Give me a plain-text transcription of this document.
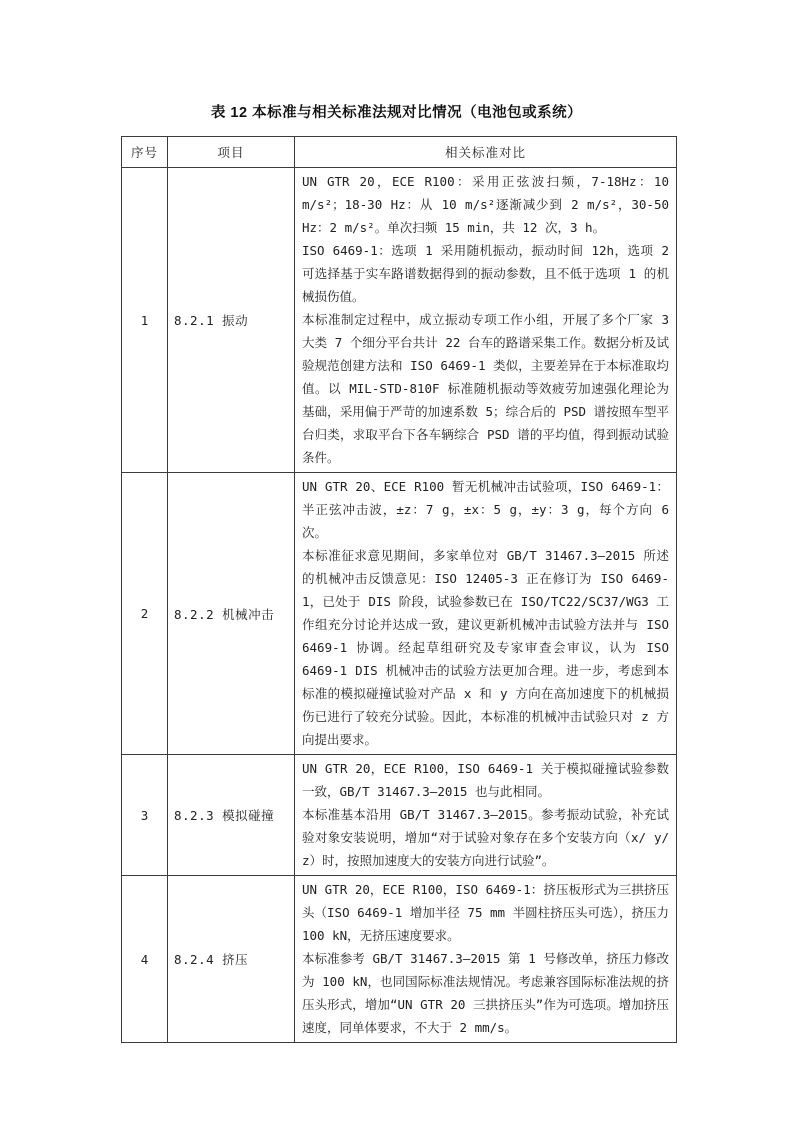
表 12 本标准与相关标准法规对比情况（电池包或系统）
序号	项目	相关标准对比
1	8.2.1 振动	UN GTR 20，ECE R100：采用正弦波扫频，7-18Hz：10 m/s²；18-30 Hz：从 10 m/s²逐渐减少到 2 m/s²，30-50 Hz：2 m/s²。单次扫频 15 min，共 12 次，3 h。

ISO 6469-1：选项 1 采用随机振动，振动时间 12h，选项 2 可选择基于实车路谱数据得到的振动参数，且不低于选项 1 的机械损伤值。

本标准制定过程中，成立振动专项工作小组，开展了多个厂家 3 大类 7 个细分平台共计 22 台车的路谱采集工作。数据分析及试验规范创建方法和 ISO 6469-1 类似，主要差异在于本标准取均值。以 MIL-STD-810F 标准随机振动等效疲劳加速强化理论为基础，采用偏于严苛的加速系数 5；综合后的 PSD 谱按照车型平台归类，求取平台下各车辆综合 PSD 谱的平均值，得到振动试验条件。

2	8.2.2 机械冲击	UN GTR 20、ECE R100 暂无机械冲击试验项，ISO 6469-1：半正弦冲击波，±z：7 g，±x：5 g，±y：3 g，每个方向 6 次。

本标准征求意见期间，多家单位对 GB/T 31467.3—2015 所述的机械冲击反馈意见：ISO 12405-3 正在修订为 ISO 6469-1，已处于 DIS 阶段，试验参数已在 ISO/TC22/SC37/WG3 工作组充分讨论并达成一致，建议更新机械冲击试验方法并与 ISO 6469-1 协调。经起草组研究及专家审查会审议，认为 ISO 6469-1 DIS 机械冲击的试验方法更加合理。进一步，考虑到本标准的模拟碰撞试验对产品 x 和 y 方向在高加速度下的机械损伤已进行了较充分试验。因此，本标准的机械冲击试验只对 z 方向提出要求。

3	8.2.3 模拟碰撞	UN GTR 20，ECE R100，ISO 6469-1 关于模拟碰撞试验参数一致，GB/T 31467.3—2015 也与此相同。

本标准基本沿用 GB/T 31467.3—2015。参考振动试验，补充试验对象安装说明，增加“对于试验对象存在多个安装方向（x/ y/ z）时，按照加速度大的安装方向进行试验”。

4	8.2.4 挤压	UN GTR 20，ECE R100，ISO 6469-1：挤压板形式为三拱挤压头（ISO 6469-1 增加半径 75 mm 半圆柱挤压头可选），挤压力 100 kN，无挤压速度要求。

本标准参考 GB/T 31467.3—2015 第 1 号修改单，挤压力修改为 100 kN，也同国际标准法规情况。考虑兼容国际标准法规的挤压头形式，增加“UN GTR 20 三拱挤压头”作为可选项。增加挤压速度，同单体要求，不大于 2 mm/s。
